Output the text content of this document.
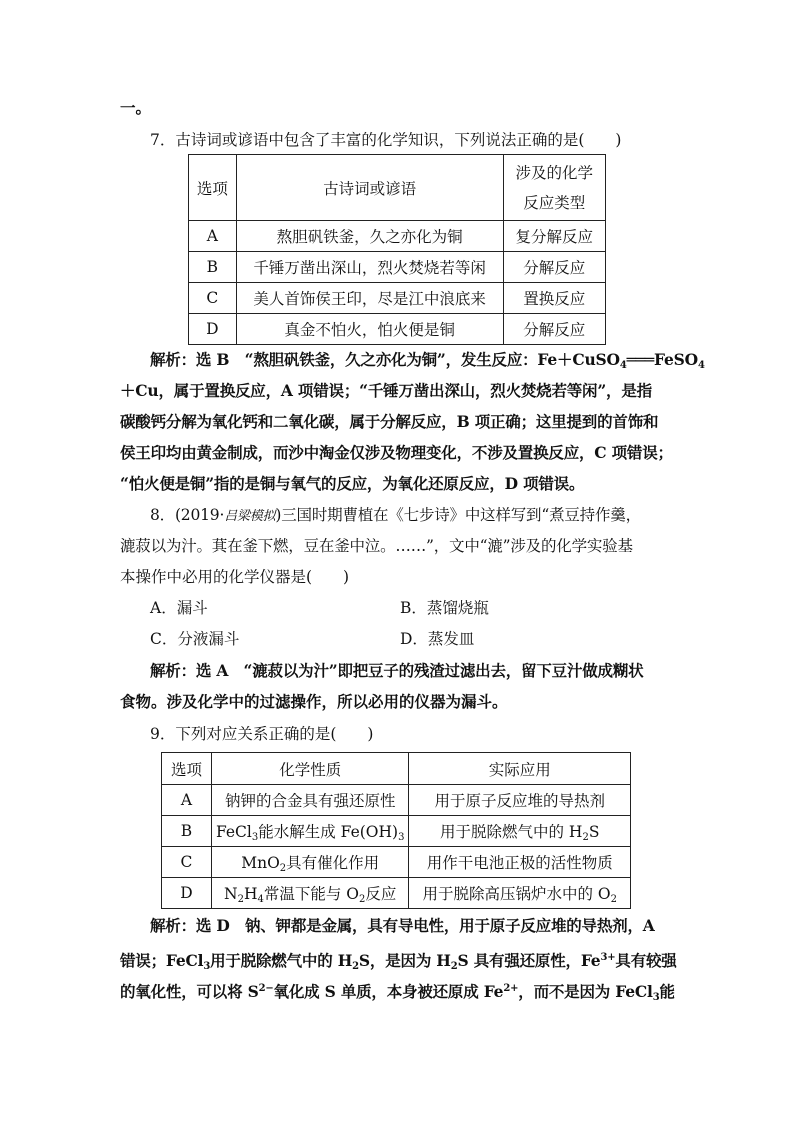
一。
7．古诗词或谚语中包含了丰富的化学知识，下列说法正确的是(　　)
选项	古诗词或谚语	涉及的化学
反应类型

A	熬胆矾铁釜，久之亦化为铜	复分解反应
B	千锤万凿出深山，烈火焚烧若等闲	分解反应
C	美人首饰侯王印，尽是江中浪底来	置换反应
D	真金不怕火，怕火便是铜	分解反应
解析：选 B　“熬胆矾铁釜，久之亦化为铜”，发生反应：Fe＋CuSO$_4$═══FeSO$_4$
＋Cu，属于置换反应，A 项错误；“千锤万凿出深山，烈火焚烧若等闲”，是指
碳酸钙分解为氧化钙和二氧化碳，属于分解反应，B 项正确；这里提到的首饰和
侯王印均由黄金制成，而沙中淘金仅涉及物理变化，不涉及置换反应，C 项错误；
“怕火便是铜”指的是铜与氧气的反应，为氧化还原反应，D 项错误。
8．(2019·吕梁模拟)三国时期曹植在《七步诗》中这样写到“煮豆持作羹，
漉菽以为汁。萁在釜下燃，豆在釜中泣。……”，文中“漉”涉及的化学实验基
本操作中必用的化学仪器是(　　)
A．漏斗	B．蒸馏烧瓶
C．分液漏斗	D．蒸发皿
解析：选 A　“漉菽以为汁”即把豆子的残渣过滤出去，留下豆汁做成糊状
食物。涉及化学中的过滤操作，所以必用的仪器为漏斗。
9．下列对应关系正确的是(　　)
选项	化学性质	实际应用
A	钠钾的合金具有强还原性	用于原子反应堆的导热剂
B	FeCl$_3$能水解生成 $Fe(OH)_3$	用于脱除燃气中的 $H_2S$
C	MnO$_2$具有催化作用	用作干电池正极的活性物质
D	$N_2H_4$常温下能与 $O_2$反应	用于脱除高压锅炉水中的 $O_2$
解析：选 D　钠、钾都是金属，具有导电性，用于原子反应堆的导热剂，A
错误；FeCl$_3$用于脱除燃气中的 $H_2S$，是因为 $H_2S$ 具有强还原性，$Fe^{3+}$具有较强
的氧化性，可以将 $S^{2-}$氧化成 S 单质，本身被还原成 $Fe^{2+}$，而不是因为 FeCl$_3$能
